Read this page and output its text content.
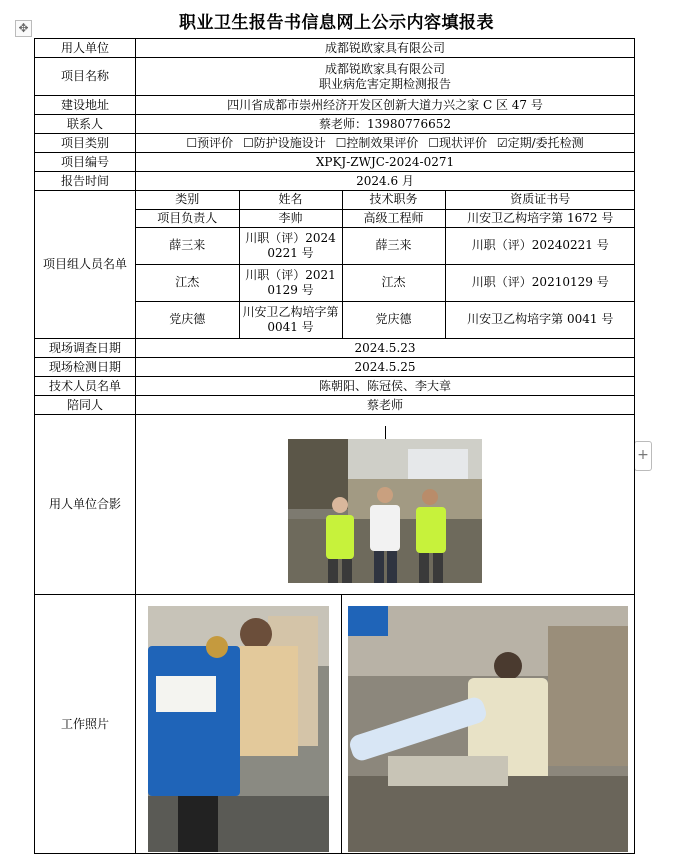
职业卫生报告书信息网上公示内容填报表
✥
+
用人单位	成都锐欧家具有限公司
项目名称	
成都锐欧家具有限公司
职业病危害定期检测报告

建设地址	四川省成都市崇州经济开发区创新大道力兴之家 C 区 47 号
联系人	蔡老师：13980776652
项目类别	☐预评价 ☐防护设施设计 ☐控制效果评价 ☐现状评价 ☑定期/委托检测
项目编号	XPKJ-ZWJC-2024-0271
报告时间	2024.6 月
项目组人员名单	
类别	姓名	技术职务	资质证书号
项目负责人	李帅	高级工程师	川安卫乙构培字第 1672 号
薛三来	川职（评）20240221 号	薛三来	川职（评）20240221 号
江杰	川职（评）20210129 号	江杰	川职（评）20210129 号
党庆德	川安卫乙构培字第 0041 号	党庆德	川安卫乙构培字第 0041 号

现场调查日期	2024.5.23
现场检测日期	2024.5.25
技术人员名单	陈朝阳、陈冠侯、李大章
陪同人	蔡老师
用人单位合影	

工作照片	
